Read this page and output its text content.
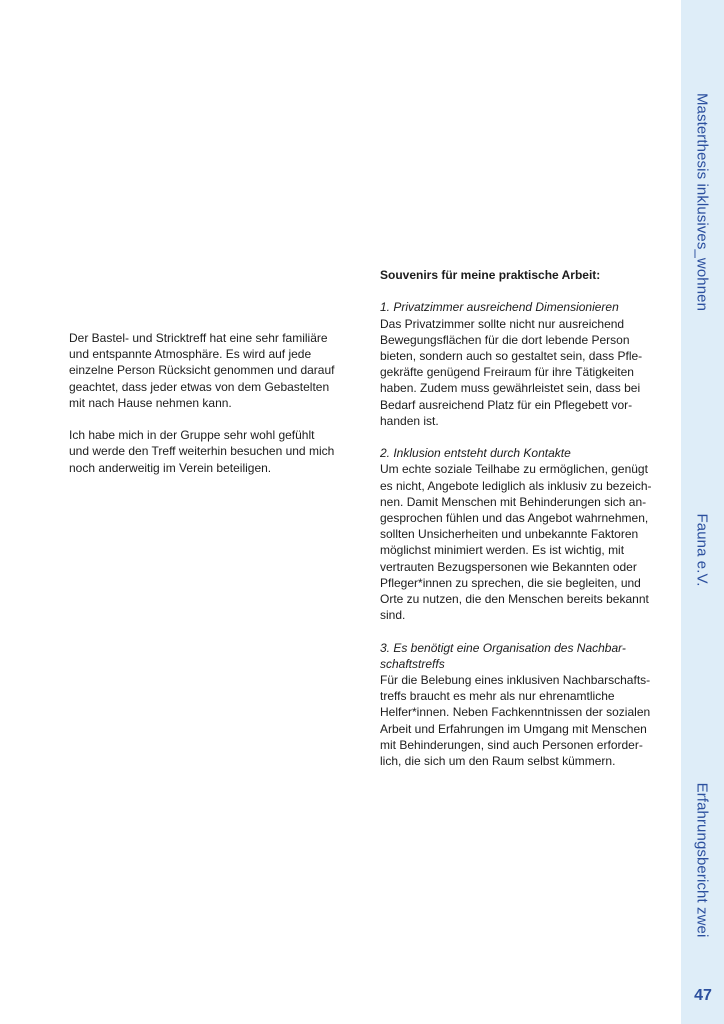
Masterthesis inklusives_wohnen
Fauna e.V.
Erfahrungsbericht zwei
47

Der Bastel- und Stricktreff hat eine sehr familiäre

und entspannte Atmosphäre. Es wird auf jede

einzelne Person Rücksicht genommen und darauf

geachtet, dass jeder etwas von dem Gebastelten

mit nach Hause nehmen kann.

Ich habe mich in der Gruppe sehr wohl gefühlt

und werde den Treff weiterhin besuchen und mich

noch anderweitig im Verein beteiligen.

Souvenirs für meine praktische Arbeit:

1. Privatzimmer ausreichend Dimensionieren

Das Privatzimmer sollte nicht nur ausreichend

Bewegungsflächen für die dort lebende Person

bieten, sondern auch so gestaltet sein, dass Pfle-

gekräfte genügend Freiraum für ihre Tätigkeiten

haben. Zudem muss gewährleistet sein, dass bei

Bedarf ausreichend Platz für ein Pflegebett vor-

handen ist.

2. Inklusion entsteht durch Kontakte

Um echte soziale Teilhabe zu ermöglichen, genügt

es nicht, Angebote lediglich als inklusiv zu bezeich-

nen. Damit Menschen mit Behinderungen sich an-

gesprochen fühlen und das Angebot wahrnehmen,

sollten Unsicherheiten und unbekannte Faktoren

möglichst minimiert werden. Es ist wichtig, mit

vertrauten Bezugspersonen wie Bekannten oder

Pfleger*innen zu sprechen, die sie begleiten, und

Orte zu nutzen, die den Menschen bereits bekannt

sind.

3. Es benötigt eine Organisation des Nachbar-

schaftstreffs

Für die Belebung eines inklusiven Nachbarschafts-

treffs braucht es mehr als nur ehrenamtliche

Helfer*innen. Neben Fachkenntnissen der sozialen

Arbeit und Erfahrungen im Umgang mit Menschen

mit Behinderungen, sind auch Personen erforder-

lich, die sich um den Raum selbst kümmern.
